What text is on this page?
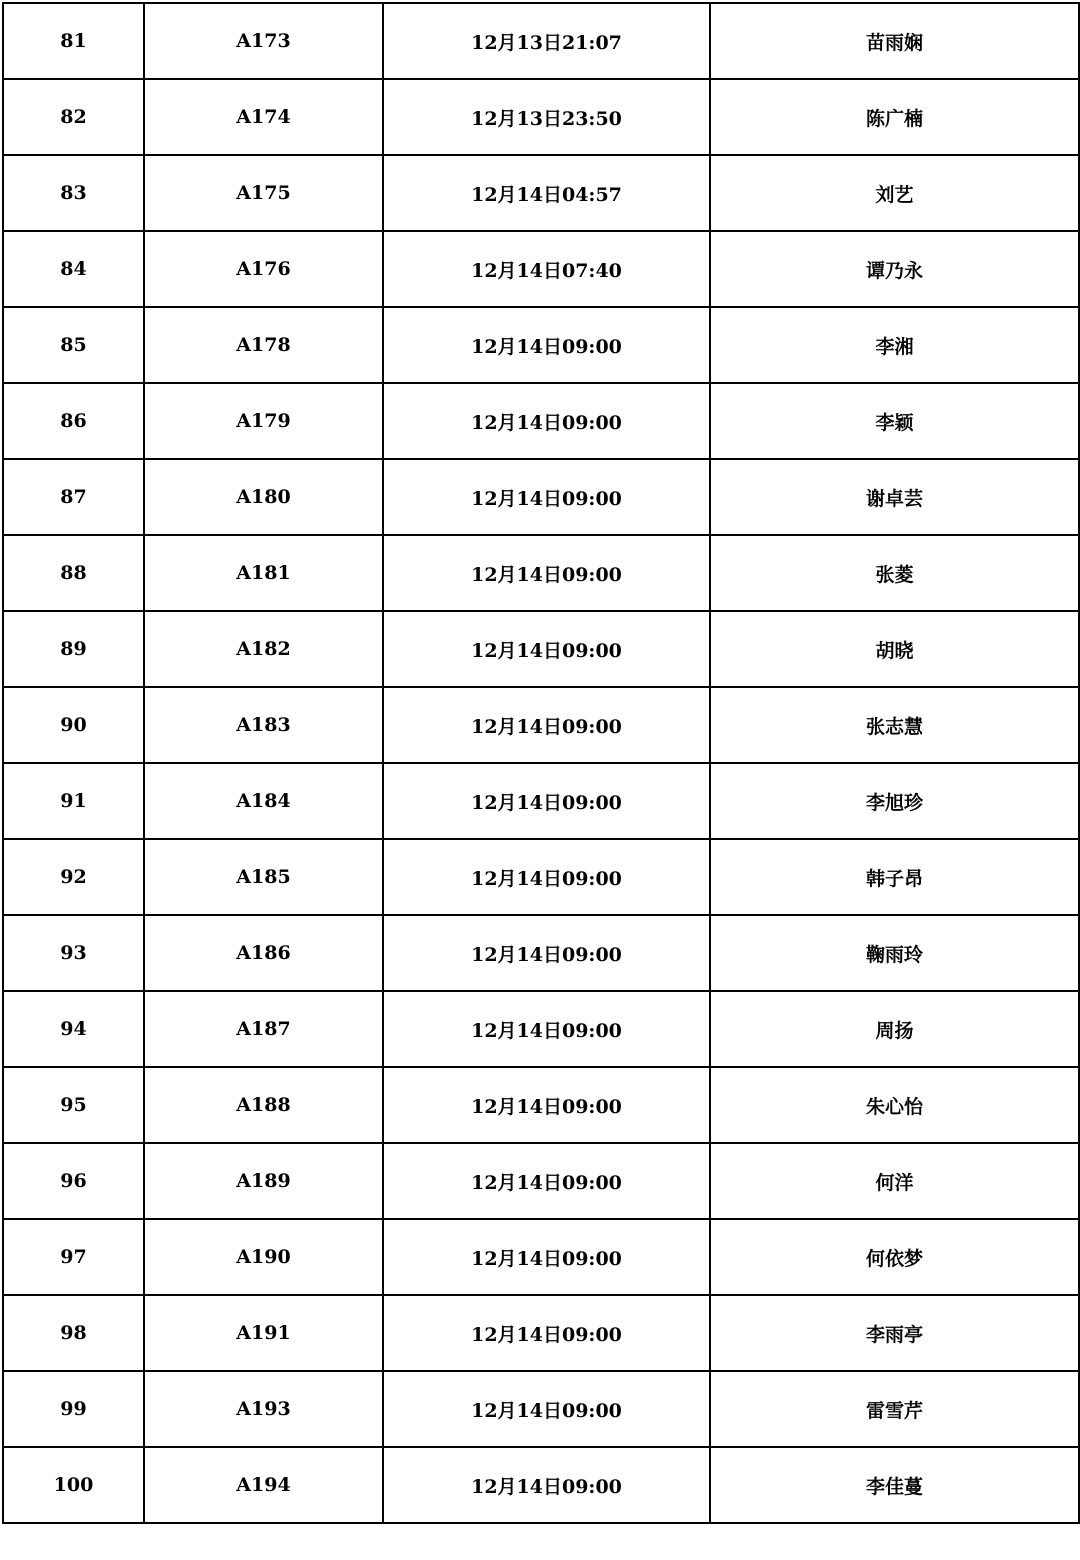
81	A173	12月13日21:07	苗雨娴
82	A174	12月13日23:50	陈广楠
83	A175	12月14日04:57	刘艺
84	A176	12月14日07:40	谭乃永
85	A178	12月14日09:00	李湘
86	A179	12月14日09:00	李颖
87	A180	12月14日09:00	谢卓芸
88	A181	12月14日09:00	张菱
89	A182	12月14日09:00	胡晓
90	A183	12月14日09:00	张志慧
91	A184	12月14日09:00	李旭珍
92	A185	12月14日09:00	韩子昂
93	A186	12月14日09:00	鞠雨玲
94	A187	12月14日09:00	周扬
95	A188	12月14日09:00	朱心怡
96	A189	12月14日09:00	何洋
97	A190	12月14日09:00	何依梦
98	A191	12月14日09:00	李雨亭
99	A193	12月14日09:00	雷雪芹
100	A194	12月14日09:00	李佳蔓
